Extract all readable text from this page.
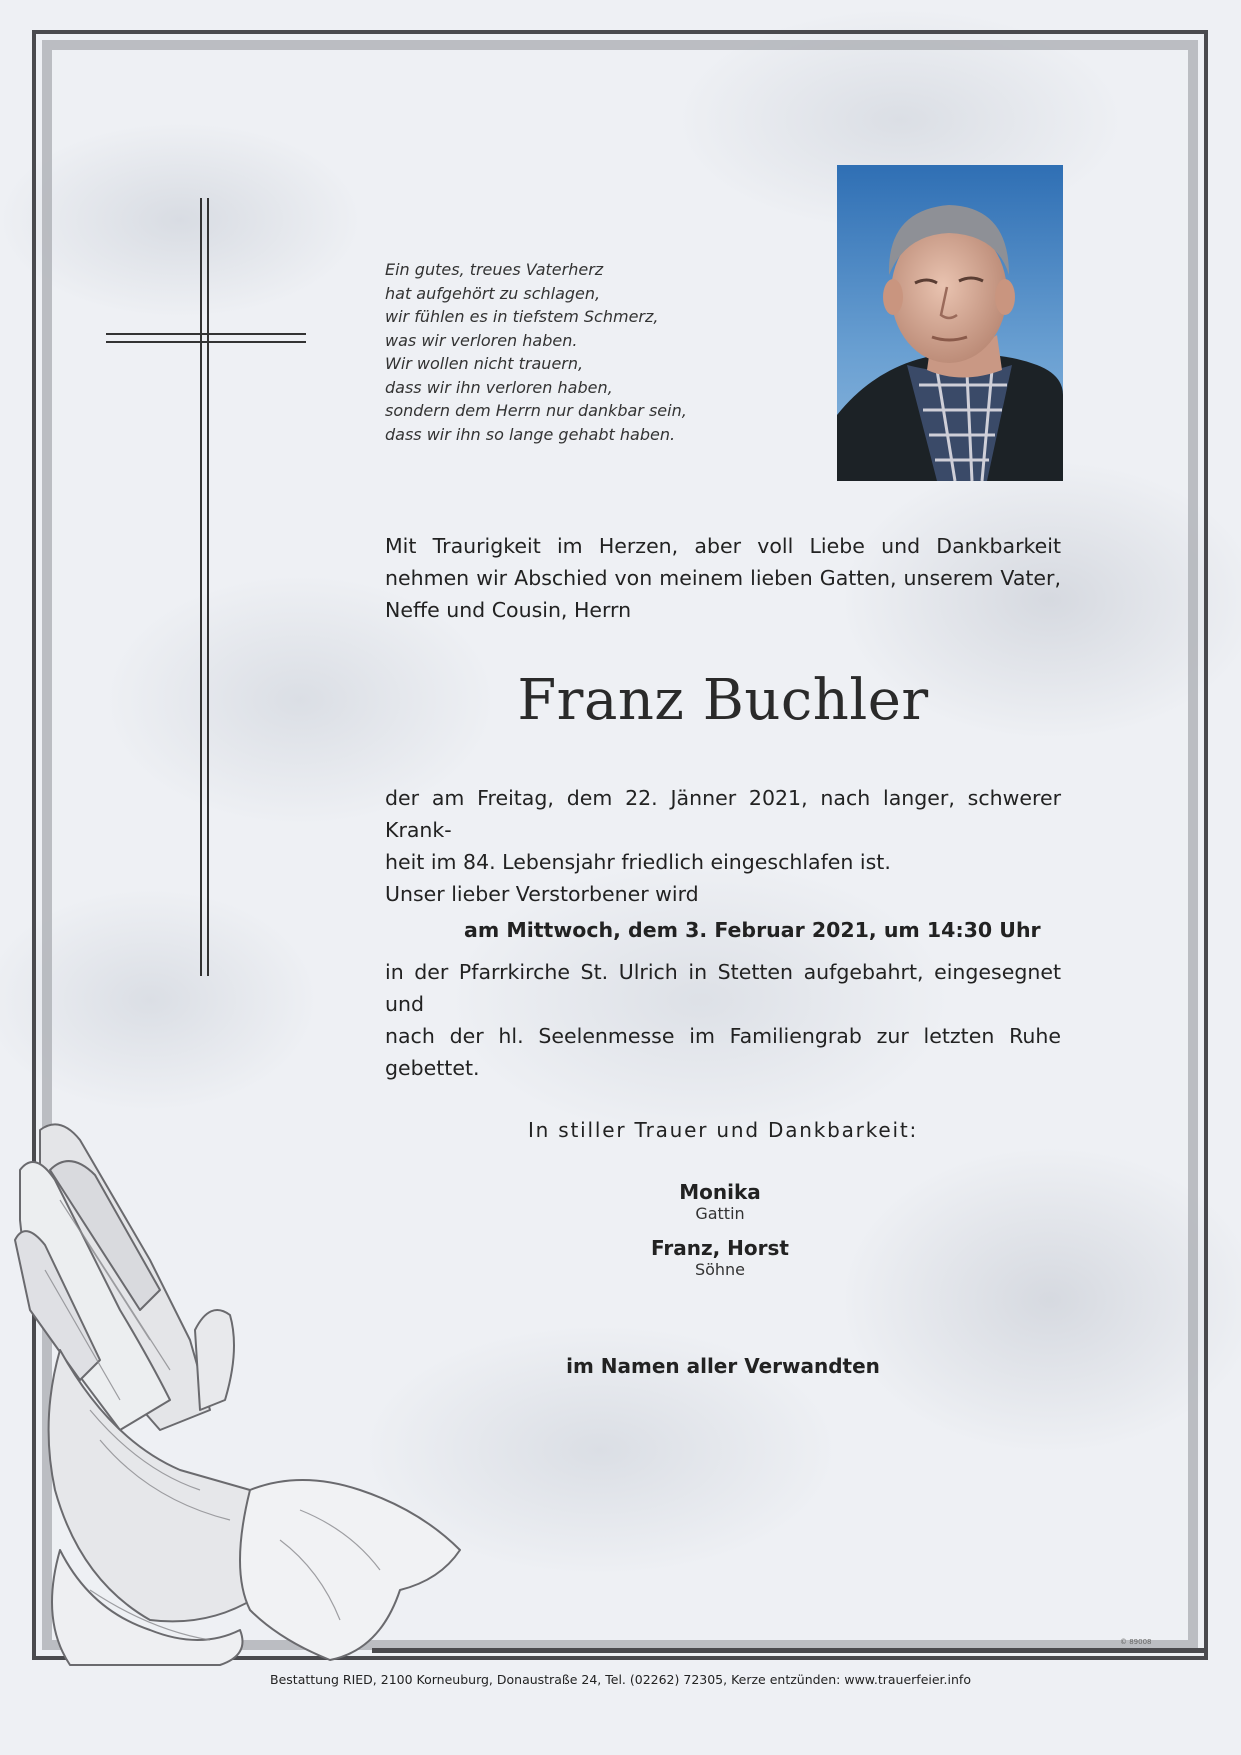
Ein gutes, treues Vaterherz
hat aufgehört zu schlagen,
wir fühlen es in tiefstem Schmerz,
was wir verloren haben.
Wir wollen nicht trauern,
dass wir ihn verloren haben,
sondern dem Herrn nur dankbar sein,
dass wir ihn so lange gehabt haben.
Mit Traurigkeit im Herzen, aber voll Liebe und Dankbarkeit
nehmen wir Abschied von meinem lieben Gatten, unserem Vater,
Neffe und Cousin, Herrn
Franz Buchler
der am Freitag, dem 22. Jänner 2021, nach langer, schwerer Krank-
heit im 84. Lebensjahr friedlich eingeschlafen ist.
Unser lieber Verstorbener wird
am Mittwoch, dem 3. Februar 2021, um 14:30 Uhr
in der Pfarrkirche St. Ulrich in Stetten aufgebahrt, eingesegnet und
nach der hl. Seelenmesse im Familiengrab zur letzten Ruhe
gebettet.
In stiller Trauer und Dankbarkeit:
Monika
Gattin
Franz, Horst
Söhne
im Namen aller Verwandten
© 89008
Bestattung RIED, 2100 Korneuburg, Donaustraße 24, Tel. (02262) 72305, Kerze entzünden: www.trauerfeier.info
